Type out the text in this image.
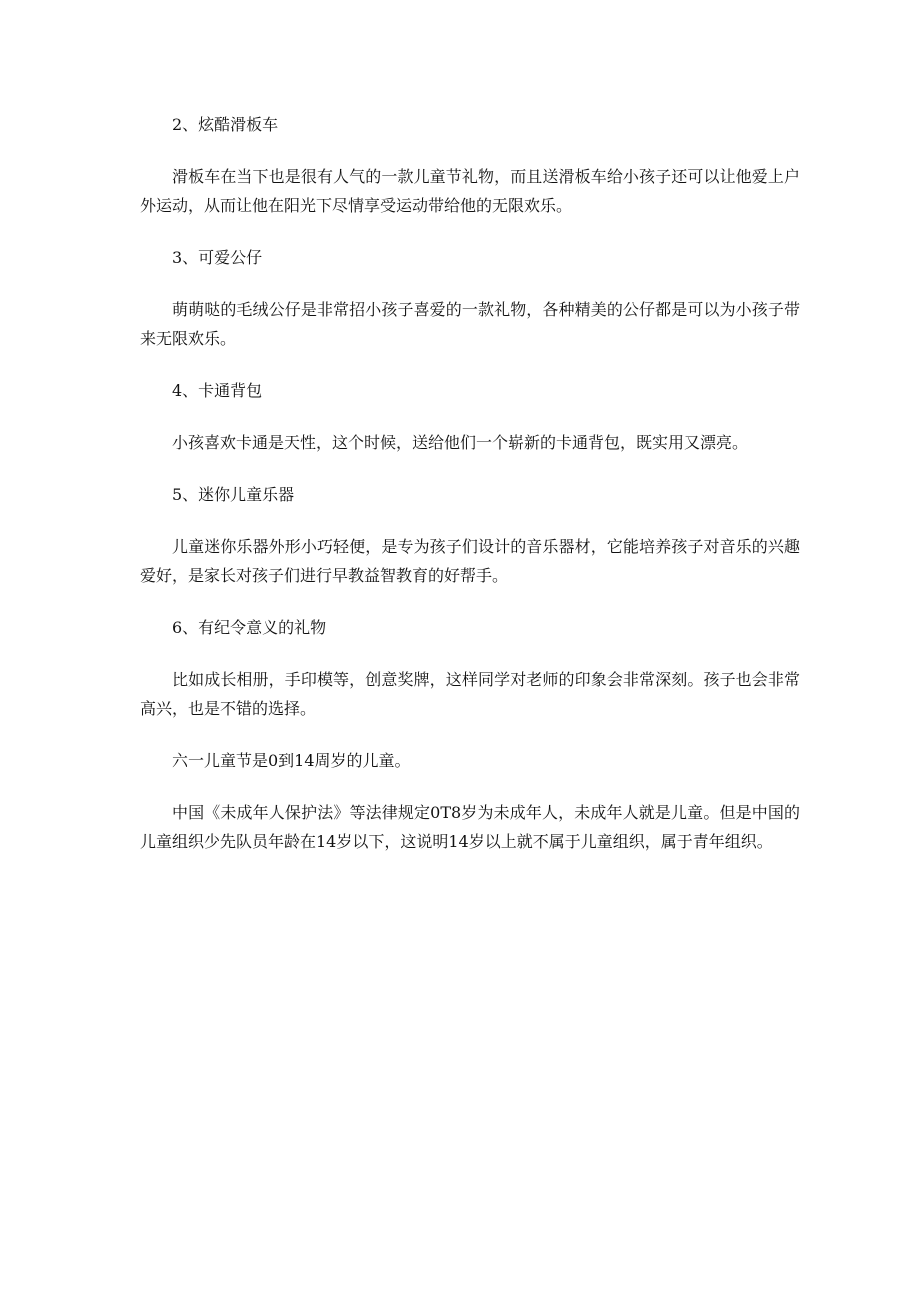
2、炫酷滑板车

滑板车在当下也是很有人气的一款儿童节礼物，而且送滑板车给小孩子还可以让他爱上户外运动，从而让他在阳光下尽情享受运动带给他的无限欢乐。

3、可爱公仔

萌萌哒的毛绒公仔是非常招小孩子喜爱的一款礼物，各种精美的公仔都是可以为小孩子带来无限欢乐。

4、卡通背包

小孩喜欢卡通是天性，这个时候，送给他们一个崭新的卡通背包，既实用又漂亮。

5、迷你儿童乐器

儿童迷你乐器外形小巧轻便，是专为孩子们设计的音乐器材，它能培养孩子对音乐的兴趣爱好，是家长对孩子们进行早教益智教育的好帮手。

6、有纪令意义的礼物

比如成长相册，手印模等，创意奖牌，这样同学对老师的印象会非常深刻。孩子也会非常高兴，也是不错的选择。

六一儿童节是0到14周岁的儿童。

中国《未成年人保护法》等法律规定0T8岁为未成年人，未成年人就是儿童。但是中国的儿童组织少先队员年龄在14岁以下，这说明14岁以上就不属于儿童组织，属于青年组织。
